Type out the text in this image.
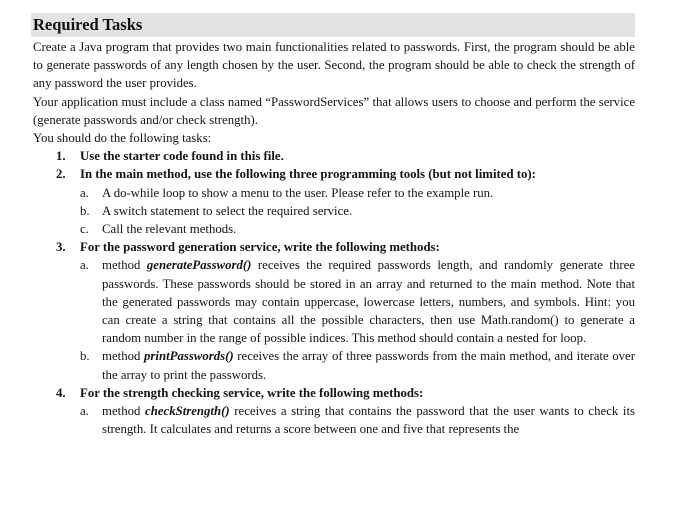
Required Tasks

Create a Java program that provides two main functionalities related to passwords. First, the program should be able to generate passwords of any length chosen by the user. Second, the program should be able to check the strength of any password the user provides.

Your application must include a class named “PasswordServices” that allows users to choose and perform the service (generate passwords and/or check strength).

You should do the following tasks:

1.	Use the starter code found in this file.
2.	In the main method, use the following three programming tools (but not limited to):
a.	A do-while loop to show a menu to the user. Please refer to the example run.
b. A switch statement to select the required service.
c.	Call the relevant methods.
3.	For the password generation service, write the following methods:
a.	method generatePassword() receives the required passwords length, and randomly generate three passwords. These passwords should be stored in an array and returned to the main method. Note that the generated passwords may contain uppercase, lowercase letters, numbers, and symbols. Hint: you can create a string that contains all the possible characters, then use Math.random() to generate a random number in the range of possible indices. This method should contain a nested for loop.
b. method printPasswords() receives the array of three passwords from the main method, and iterate over the array to print the passwords.
4.	For the strength checking service, write the following methods:
a.	method checkStrength() receives a string that contains the password that the user wants to check its strength. It calculates and returns a score between one and five that represents the
